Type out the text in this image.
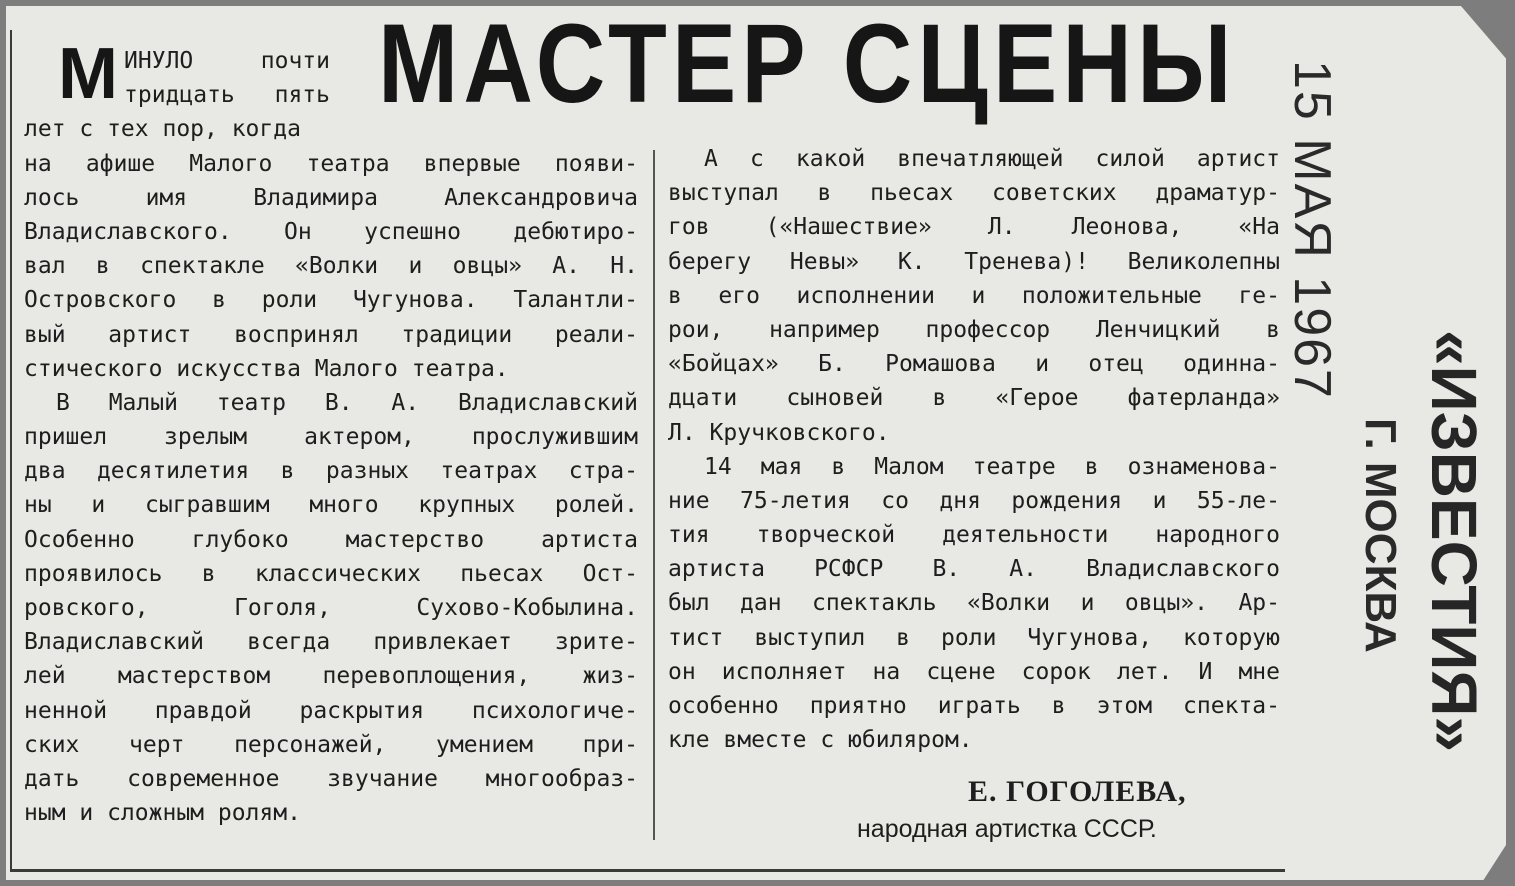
МАСТЕР СЦЕНЫ
М ИНУЛО почти
тридцать пять
лет с тех пор, когда
на афише Малого театра впервые появи-
лось имя Владимира Александровича
Владиславского. Он успешно дебютиро-
вал в спектакле «Волки и овцы» А. Н.
Островского в роли Чугунова. Талантли-
вый артист воспринял традиции реали-
стического искусства Малого театра.
В Малый театр В. А. Владиславский
пришел зрелым актером, прослужившим
два десятилетия в разных театрах стра-
ны и сыгравшим много крупных ролей.
Особенно глубоко мастерство артиста
проявилось в классических пьесах Ост-
ровского, Гоголя, Сухово-Кобылина.
Владиславский всегда привлекает зрите-
лей мастерством перевоплощения, жиз-
ненной правдой раскрытия психологиче-
ских черт персонажей, умением при-
дать современное звучание многообраз-
ным и сложным ролям.
А с какой впечатляющей силой артист
выступал в пьесах советских драматур-
гов («Нашествие» Л. Леонова, «На
берегу Невы» К. Тренева)! Великолепны
в его исполнении и положительные ге-
рои, например профессор Ленчицкий в
«Бойцах» Б. Ромашова и отец одинна-
дцати сыновей в «Герое фатерланда»
Л. Кручковского.
14 мая в Малом театре в ознаменова-
ние 75-летия со дня рождения и 55-ле-
тия творческой деятельности народного
артиста РСФСР В. А. Владиславского
был дан спектакль «Волки и овцы». Ар-
тист выступил в роли Чугунова, которую
он исполняет на сцене сорок лет. И мне
особенно приятно играть в этом спекта-
кле вместе с юбиляром.
Е. ГОГОЛЕВА,
народная артистка СССР.
15 МАЯ 1967
Г. МОСКВА «ИЗВЕСТИЯ»
